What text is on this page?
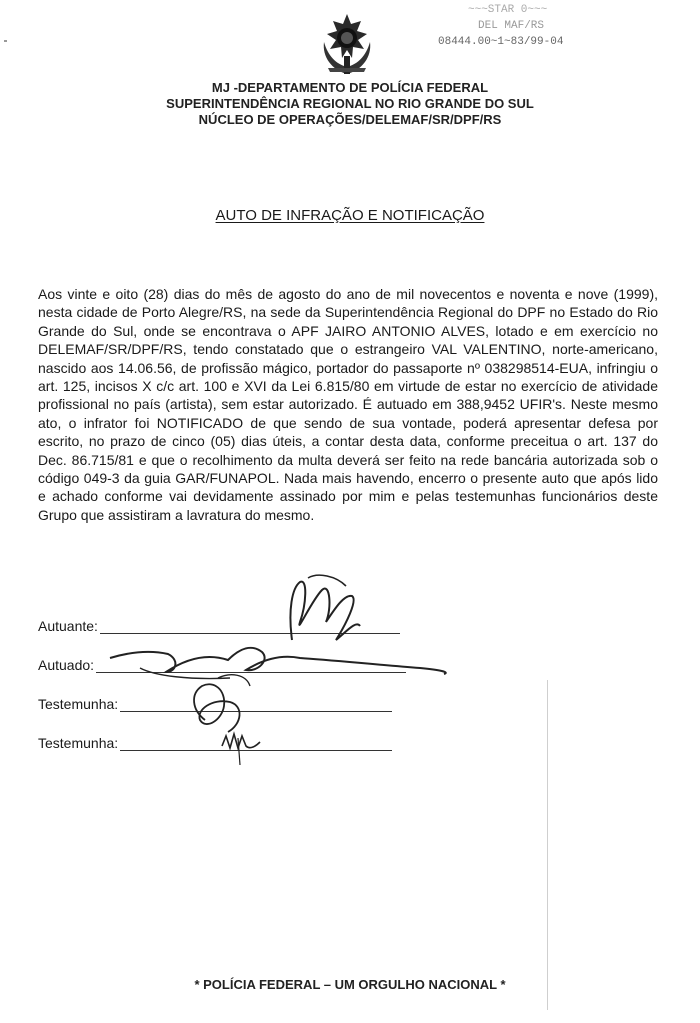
~~~STAR 0~~~
DEL MAF/RS
08444.00~1~83/99-04
MJ -DEPARTAMENTO DE POLÍCIA FEDERAL
SUPERINTENDÊNCIA REGIONAL NO RIO GRANDE DO SUL
NÚCLEO DE OPERAÇÕES/DELEMAF/SR/DPF/RS
AUTO DE INFRAÇÃO E NOTIFICAÇÃO

Aos vinte e oito (28) dias do mês de agosto do ano de mil novecentos e noventa e nove (1999), nesta cidade de Porto Alegre/RS, na sede da Superintendência Regional do DPF no Estado do Rio Grande do Sul, onde se encontrava o APF JAIRO ANTONIO ALVES, lotado e em exercício no DELEMAF/SR/DPF/RS, tendo constatado que o estrangeiro VAL VALENTINO, norte-americano, nascido aos 14.06.56, de profissão mágico, portador do passaporte nº 038298514-EUA, infringiu o art. 125, incisos X c/c art. 100 e XVI da Lei 6.815/80 em virtude de estar no exercício de atividade profissional no país (artista), sem estar autorizado. É autuado em 388,9452 UFIR's. Neste mesmo ato, o infrator foi NOTIFICADO de que sendo de sua vontade, poderá apresentar defesa por escrito, no prazo de cinco (05) dias úteis, a contar desta data, conforme preceitua o art. 137 do Dec. 86.715/81 e que o recolhimento da multa deverá ser feito na rede bancária autorizada sob o código 049-3 da guia GAR/FUNAPOL. Nada mais havendo, encerro o presente auto que após lido e achado conforme vai devidamente assinado por mim e pelas testemunhas funcionários deste Grupo que assistiram a lavratura do mesmo.

Autuante:
Autuado:
Testemunha:
Testemunha:
* POLÍCIA FEDERAL – UM ORGULHO NACIONAL *
